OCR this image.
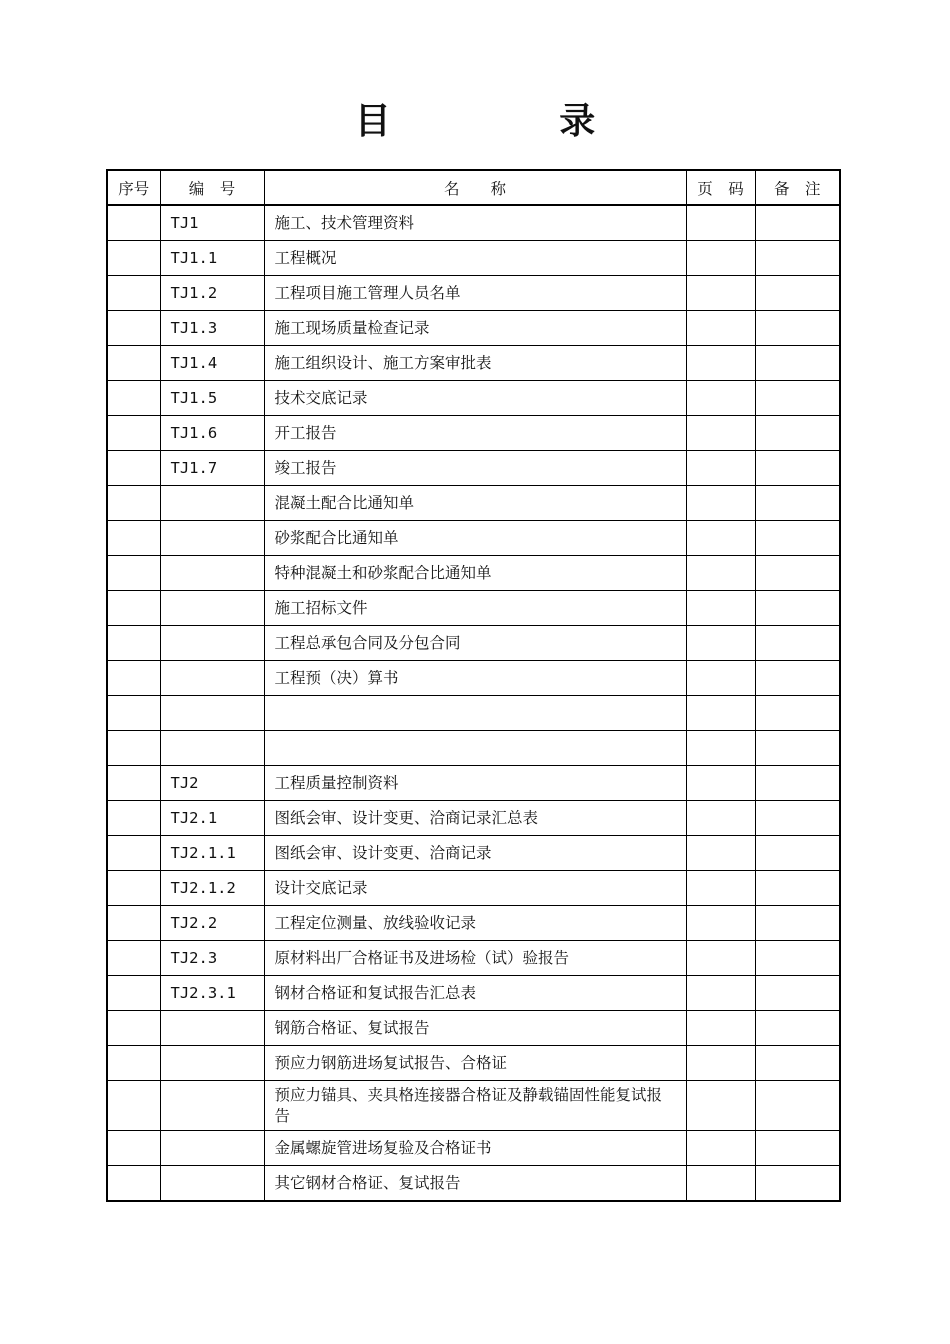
目 录
序号	编　号	名　　称	页　码	备　注
	TJ1	施工、技术管理资料		
	TJ1.1	工程概况		
	TJ1.2	工程项目施工管理人员名单		
	TJ1.3	施工现场质量检查记录		
	TJ1.4	施工组织设计、施工方案审批表		
	TJ1.5	技术交底记录		
	TJ1.6	开工报告		
	TJ1.7	竣工报告		
		混凝土配合比通知单		
		砂浆配合比通知单		
		特种混凝土和砂浆配合比通知单		
		施工招标文件		
		工程总承包合同及分包合同		
		工程预（决）算书		

	TJ2	工程质量控制资料		
	TJ2.1	图纸会审、设计变更、洽商记录汇总表		
	TJ2.1.1	图纸会审、设计变更、洽商记录		
	TJ2.1.2	设计交底记录		
	TJ2.2	工程定位测量、放线验收记录		
	TJ2.3	原材料出厂合格证书及进场检（试）验报告		
	TJ2.3.1	钢材合格证和复试报告汇总表		
		钢筋合格证、复试报告		
		预应力钢筋进场复试报告、合格证		
		预应力锚具、夹具格连接器合格证及静载锚固性能复试报告		
		金属螺旋管进场复验及合格证书		
		其它钢材合格证、复试报告		
